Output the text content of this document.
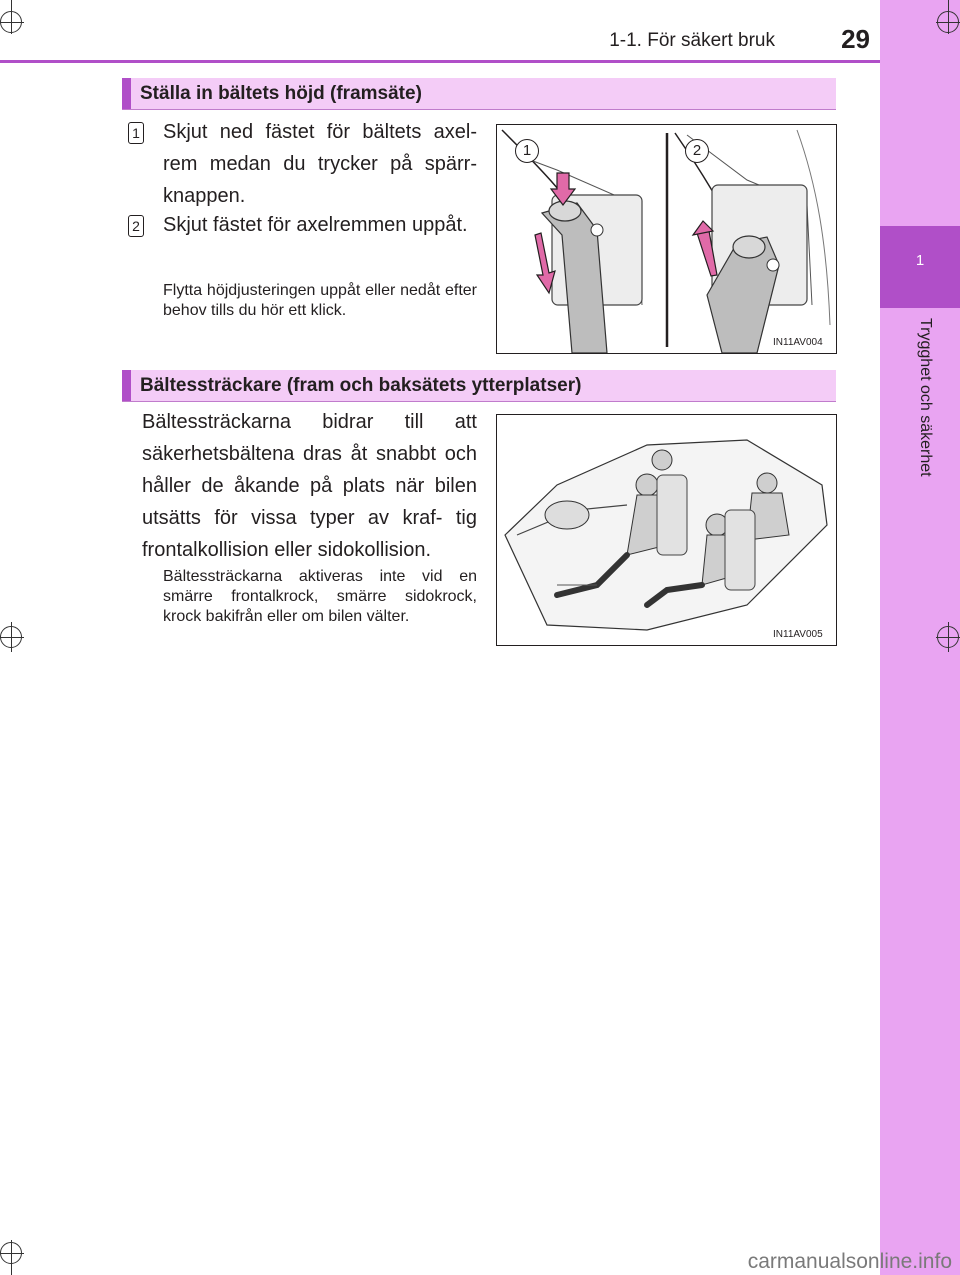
1
Trygghet och säkerhet
1-1. För säkert bruk	29
Ställa in bältets höjd (framsäte)
1 Skjut ned fästet för bältets axel- rem medan du trycker på spärr- knappen.
2 Skjut fästet för axelremmen uppåt.
Flytta höjdjusteringen uppåt eller nedåt efter behov tills du hör ett klick.
1	2
IN11AV004
Bältessträckare (fram och baksätets ytterplatser)
Bältessträckarna bidrar till att säkerhetsbältena dras åt snabbt och håller de åkande på plats när bilen utsätts för vissa typer av kraf- tig frontalkollision eller sidokollision.
Bältessträckarna aktiveras inte vid en smärre frontalkrock, smärre sidokrock, krock bakifrån eller om bilen välter.
IN11AV005
carmanualsonline.info
